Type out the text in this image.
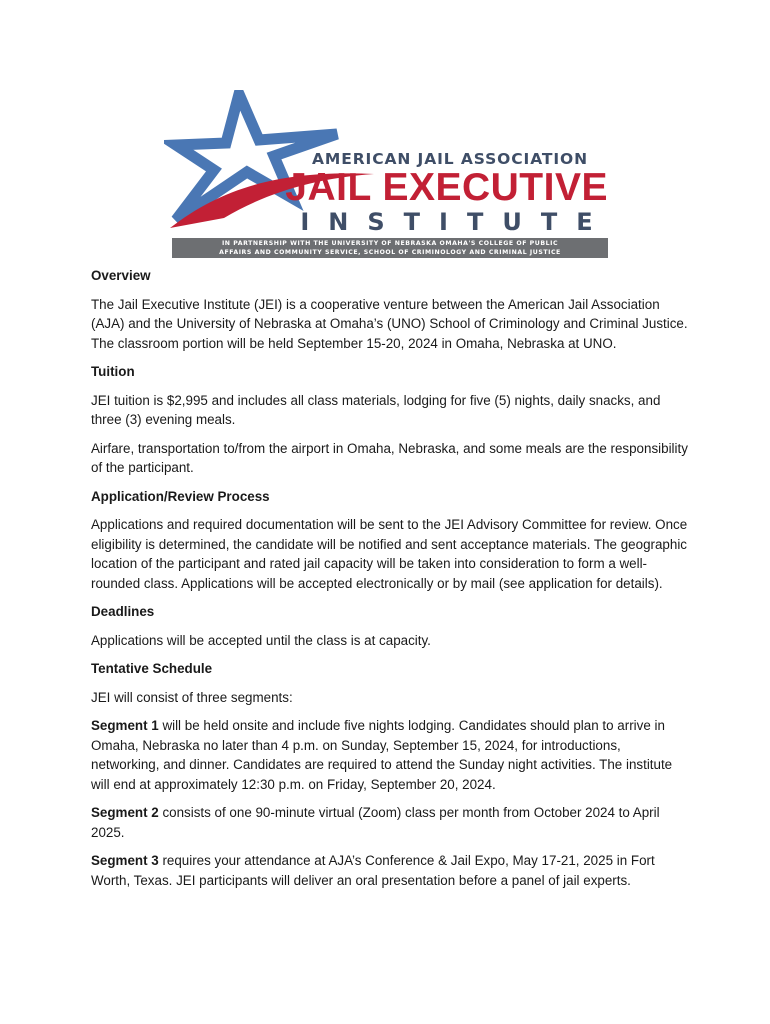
AMERICAN JAIL ASSOCIATION
JAIL EXECUTIVE
INSTITUTE
IN PARTNERSHIP WITH THE UNIVERSITY OF NEBRASKA OMAHA'S COLLEGE OF PUBLIC
AFFAIRS AND COMMUNITY SERVICE, SCHOOL OF CRIMINOLOGY AND CRIMINAL JUSTICE
Overview

The Jail Executive Institute (JEI) is a cooperative venture between the American Jail Association (AJA) and the University of Nebraska at Omaha’s (UNO) School of Criminology and Criminal Justice. The classroom portion will be held September 15-20, 2024 in Omaha, Nebraska at UNO.

Tuition

JEI tuition is $2,995 and includes all class materials, lodging for five (5) nights, daily snacks, and three (3) evening meals.

Airfare, transportation to/from the airport in Omaha, Nebraska, and some meals are the responsibility of the participant.

Application/Review Process

Applications and required documentation will be sent to the JEI Advisory Committee for review. Once eligibility is determined, the candidate will be notified and sent acceptance materials. The geographic location of the participant and rated jail capacity will be taken into consideration to form a well-rounded class. Applications will be accepted electronically or by mail (see application for details).

Deadlines

Applications will be accepted until the class is at capacity.

Tentative Schedule

JEI will consist of three segments:

Segment 1 will be held onsite and include five nights lodging. Candidates should plan to arrive in Omaha, Nebraska no later than 4 p.m. on Sunday, September 15, 2024, for introductions, networking, and dinner. Candidates are required to attend the Sunday night activities. The institute will end at approximately 12:30 p.m. on Friday, September 20, 2024.

Segment 2 consists of one 90-minute virtual (Zoom) class per month from October 2024 to April 2025.

Segment 3 requires your attendance at AJA’s Conference & Jail Expo, May 17-21, 2025 in Fort Worth, Texas. JEI participants will deliver an oral presentation before a panel of jail experts.
